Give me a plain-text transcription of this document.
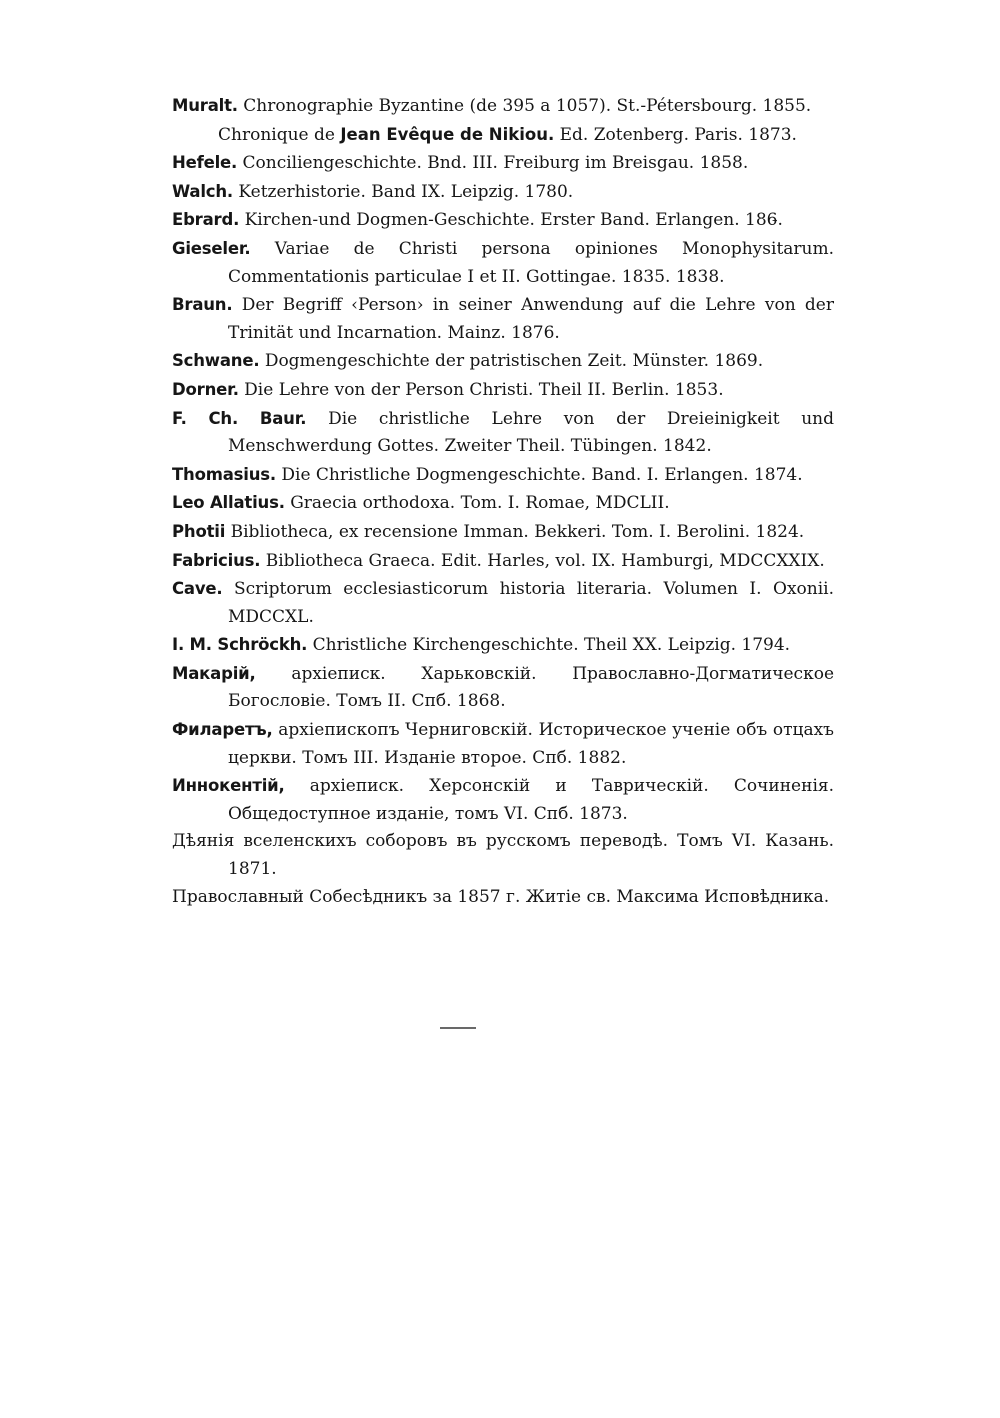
Muralt. Chronographie Byzantine (de 395 a 1057). St.-Pétersbourg. 1855.

Chronique de Jean Evêque de Nikiou. Ed. Zotenberg. Paris. 1873.

Hefele. Conciliengeschichte. Bnd. III. Freiburg im Breisgau. 1858.

Walch. Ketzerhistorie. Band IX. Leipzig. 1780.

Ebrard. Kirchen-und Dogmen-Geschichte. Erster Band. Erlangen. 186̵.

Gieseler. Variae de Christi persona opiniones Monophysitarum. Commentationis particulae I et II. Gottingae. 1835. 1838.

Braun. Der Begriff ‹Person› in seiner Anwendung auf die Lehre von der Trinität und Incarnation. Mainz. 1876.

Schwane. Dogmengeschichte der patristischen Zeit. Münster. 1869.

Dorner. Die Lehre von der Person Christi. Theil II. Berlin. 1853.

F. Ch. Baur. Die christliche Lehre von der Dreieinigkeit und Menschwerdung Gottes. Zweiter Theil. Tübingen. 1842.

Thomasius. Die Christliche Dogmengeschichte. Band. I. Erlangen. 1874.

Leo Allatius. Graecia orthodoxa. Tom. I. Romae, MDCLII.

Photii Bibliotheca, ex recensione Imman. Bekkeri. Tom. I. Berolini. 1824.

Fabricius. Bibliotheca Graeca. Edit. Harles, vol. IX. Hamburgi, MDCCXXIX.

Cave. Scriptorum ecclesiasticorum historia literaria. Volumen I. Oxonii. MDCCXL.

I. M. Schröckh. Christliche Kirchengeschichte. Theil XX. Leipzig. 1794.

Макарій, архіеписк. Харьковскій. Православно-Догматическое Богословіе. Томъ II. Спб. 1868.

Филаретъ, архіепископъ Черниговскій. Историческое ученіе объ отцахъ церкви. Томъ III. Изданіе второе. Спб. 1882.

Иннокентій, архіеписк. Херсонскій и Таврическій. Сочиненія. Общедоступное изданіе, томъ VI. Спб. 1873.

Дѣянія вселенскихъ соборовъ въ русскомъ переводѣ. Томъ VI. Казань. 1871.

Православный Собесѣдникъ за 1857 г. Житіе св. Максима Исповѣдника.
